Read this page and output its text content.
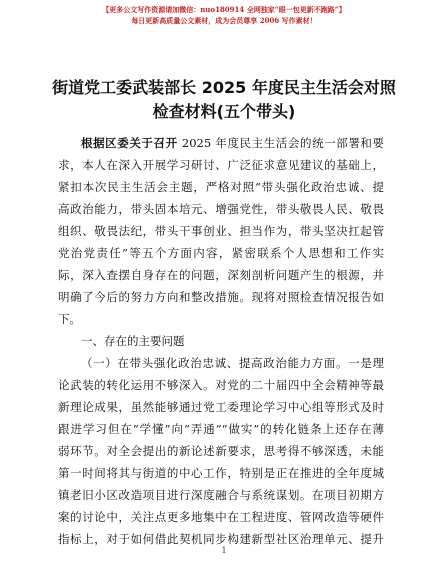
【更多公文写作资源请加微信：nuo180914 全网独家“眼一包更新不跑路”】
每日更新高质量公文素材，成为会员尊享 2006 写作素材！
街道党工委武装部长 2025 年度民主生活会对照
检查材料(五个带头)
根据区委关于召开 2025 年度民主生活会的统一部署和要
求，本人在深入开展学习研讨、广泛征求意见建议的基础上，
紧扣本次民主生活会主题，严格对照“带头强化政治忠诚、提
高政治能力，带头固本培元、增强党性，带头敬畏人民、敬畏
组织、敬畏法纪，带头干事创业、担当作为，带头坚决扛起管
党治党责任”等五个方面内容，紧密联系个人思想和工作实
际，深入查摆自身存在的问题，深刻剖析问题产生的根源，并
明确了今后的努力方向和整改措施。现将对照检查情况报告如
下。
一、存在的主要问题
（一）在带头强化政治忠诚、提高政治能力方面。一是理
论武装的转化运用不够深入。对党的二十届四中全会精神等最
新理论成果，虽然能够通过党工委理论学习中心组等形式及时
跟进学习但在“学懂”向“弄通”“做实”的转化链条上还存在薄
弱环节。对全会提出的新论述新要求，思考得不够深透，未能
第一时间将其与街道的中心工作，特别是正在推进的全年度城
镇老旧小区改造项目进行深度融合与系统谋划。在项目初期方
案的讨论中，关注点更多地集中在工程进度、管网改造等硬件
指标上，对于如何借此契机同步构建新型社区治理单元、提升
1
